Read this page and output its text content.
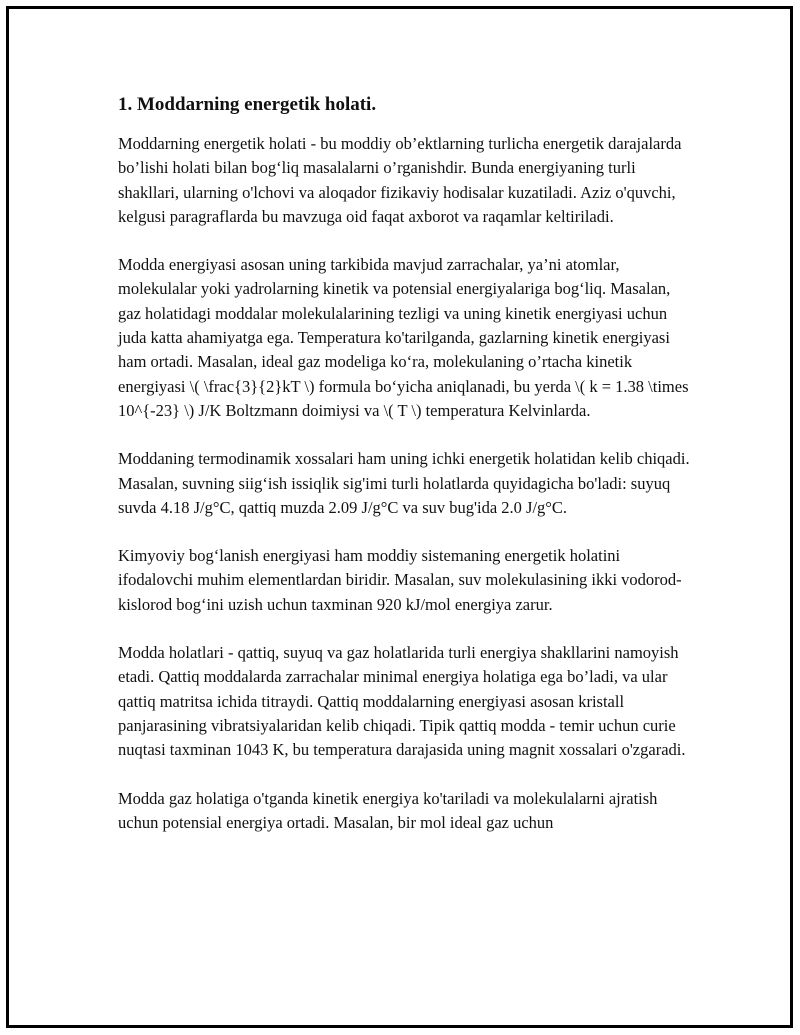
1. Moddarning energetik holati.

Moddarning energetik holati - bu moddiy ob’ektlarning turlicha energetik darajalarda bo’lishi holati bilan bog‘liq masalalarni o’rganishdir. Bunda energiyaning turli shakllari, ularning o'lchovi va aloqador fizikaviy hodisalar kuzatiladi. Aziz o'quvchi, kelgusi paragraflarda bu mavzuga oid faqat axborot va raqamlar keltiriladi.

Modda energiyasi asosan uning tarkibida mavjud zarrachalar, ya’ni atomlar, molekulalar yoki yadrolarning kinetik va potensial energiyalariga bog‘liq. Masalan, gaz holatidagi moddalar molekulalarining tezligi va uning kinetik energiyasi uchun juda katta ahamiyatga ega. Temperatura ko'tarilganda, gazlarning kinetik energiyasi ham ortadi. Masalan, ideal gaz modeliga ko‘ra, molekulaning o’rtacha kinetik energiyasi \( \frac{3}{2}kT \) formula bo‘yicha aniqlanadi, bu yerda \( k = 1.38 \times 10^{-23} \) J/K Boltzmann doimiysi va \( T \) temperatura Kelvinlarda.

Moddaning termodinamik xossalari ham uning ichki energetik holatidan kelib chiqadi. Masalan, suvning siig‘ish issiqlik sig'imi turli holatlarda quyidagicha bo'ladi: suyuq suvda 4.18 J/g°C, qattiq muzda 2.09 J/g°C va suv bug'ida 2.0 J/g°C.

Kimyoviy bog‘lanish energiyasi ham moddiy sistemaning energetik holatini ifodalovchi muhim elementlardan biridir. Masalan, suv molekulasining ikki vodorod-kislorod bog‘ini uzish uchun taxminan 920 kJ/mol energiya zarur.

Modda holatlari - qattiq, suyuq va gaz holatlarida turli energiya shakllarini namoyish etadi. Qattiq moddalarda zarrachalar minimal energiya holatiga ega bo’ladi, va ular qattiq matritsa ichida titraydi. Qattiq moddalarning energiyasi asosan kristall panjarasining vibratsiyalaridan kelib chiqadi. Tipik qattiq modda - temir uchun curie nuqtasi taxminan 1043 K, bu temperatura darajasida uning magnit xossalari o'zgaradi.

Modda gaz holatiga o'tganda kinetik energiya ko'tariladi va molekulalarni ajratish uchun potensial energiya ortadi. Masalan, bir mol ideal gaz uchun
